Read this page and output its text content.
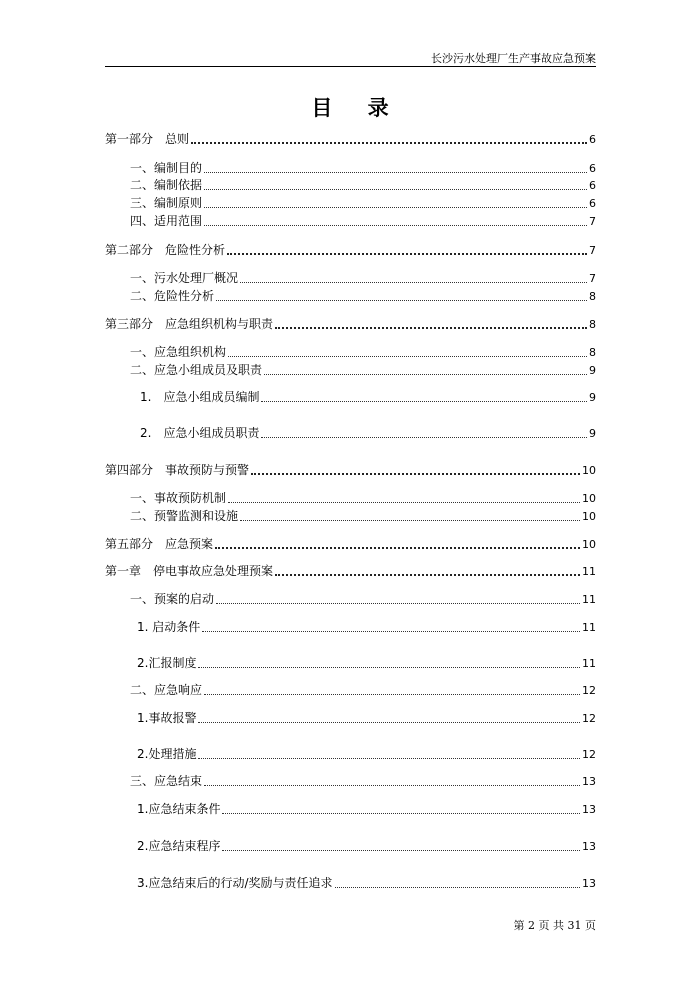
长沙污水处理厂生产事故应急预案
目 录
第一部分　总则	6
一、编制目的	6
二、编制依据	6
三、编制原则	6
四、适用范围	7
第二部分　危险性分析	7
一、污水处理厂概况	7
二、危险性分析	8
第三部分　应急组织机构与职责	8
一、应急组织机构	8
二、应急小组成员及职责	9
1.　应急小组成员编制	9
2.　应急小组成员职责	9
第四部分　事故预防与预警	10
一、事故预防机制	10
二、预警监测和设施	10
第五部分　应急预案	10
第一章　停电事故应急处理预案	11
一、预案的启动	11
1. 启动条件	11
2.汇报制度	11
二、应急响应	12
1.事故报警	12
2.处理措施	12
三、应急结束	13
1.应急结束条件	13
2.应急结束程序	13
3.应急结束后的行动/奖励与责任追求	13
第 2 页 共 31 页
